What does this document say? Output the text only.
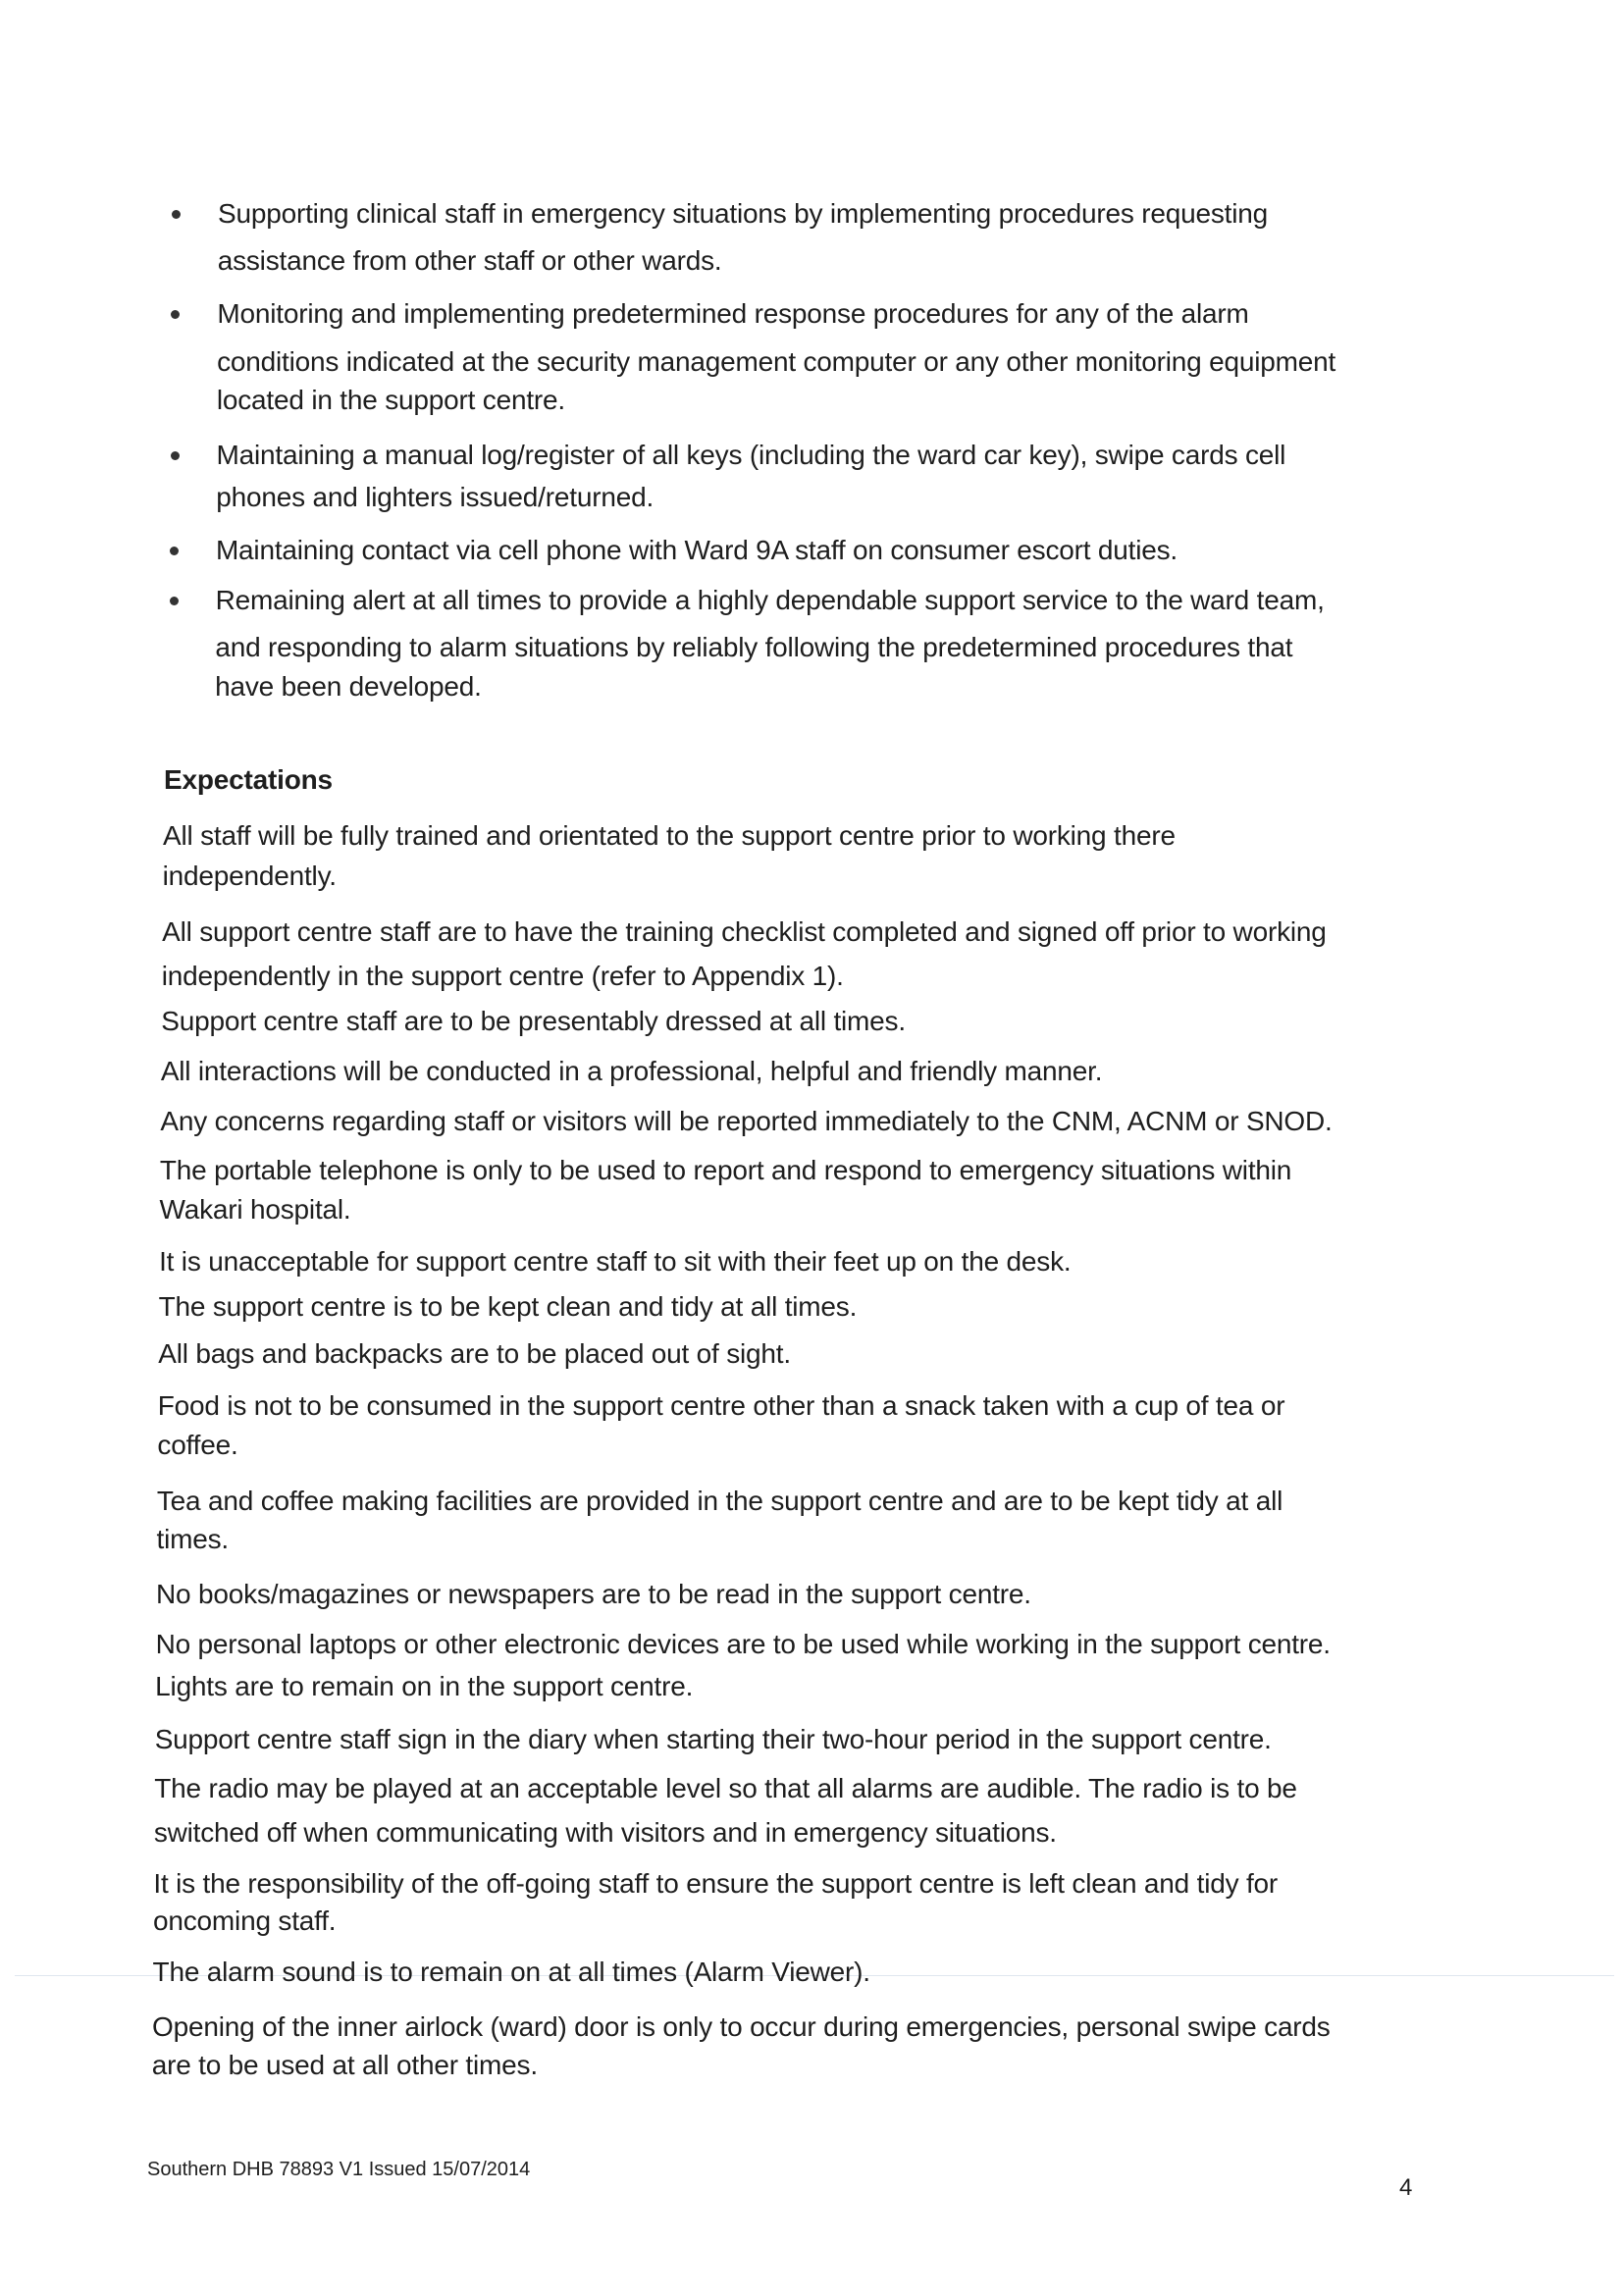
Supporting clinical staff in emergency situations by implementing procedures requesting
assistance from other staff or other wards.
Monitoring and implementing predetermined response procedures for any of the alarm
conditions indicated at the security management computer or any other monitoring equipment
located in the support centre.
Maintaining a manual log/register of all keys (including the ward car key), swipe cards cell
phones and lighters issued/returned.
Maintaining contact via cell phone with Ward 9A staff on consumer escort duties.
Remaining alert at all times to provide a highly dependable support service to the ward team,
and responding to alarm situations by reliably following the predetermined procedures that
have been developed.
Expectations
All staff will be fully trained and orientated to the support centre prior to working there
independently.
All support centre staff are to have the training checklist completed and signed off prior to working
independently in the support centre (refer to Appendix 1).
Support centre staff are to be presentably dressed at all times.
All interactions will be conducted in a professional, helpful and friendly manner.
Any concerns regarding staff or visitors will be reported immediately to the CNM, ACNM or SNOD.
The portable telephone is only to be used to report and respond to emergency situations within
Wakari hospital.
It is unacceptable for support centre staff to sit with their feet up on the desk.
The support centre is to be kept clean and tidy at all times.
All bags and backpacks are to be placed out of sight.
Food is not to be consumed in the support centre other than a snack taken with a cup of tea or
coffee.
Tea and coffee making facilities are provided in the support centre and are to be kept tidy at all
times.
No books/magazines or newspapers are to be read in the support centre.
No personal laptops or other electronic devices are to be used while working in the support centre.
Lights are to remain on in the support centre.
Support centre staff sign in the diary when starting their two-hour period in the support centre.
The radio may be played at an acceptable level so that all alarms are audible. The radio is to be
switched off when communicating with visitors and in emergency situations.
It is the responsibility of the off-going staff to ensure the support centre is left clean and tidy for
oncoming staff.
The alarm sound is to remain on at all times (Alarm Viewer).
Opening of the inner airlock (ward) door is only to occur during emergencies, personal swipe cards
are to be used at all other times.
Southern DHB 78893 V1 Issued 15/07/2014
4
